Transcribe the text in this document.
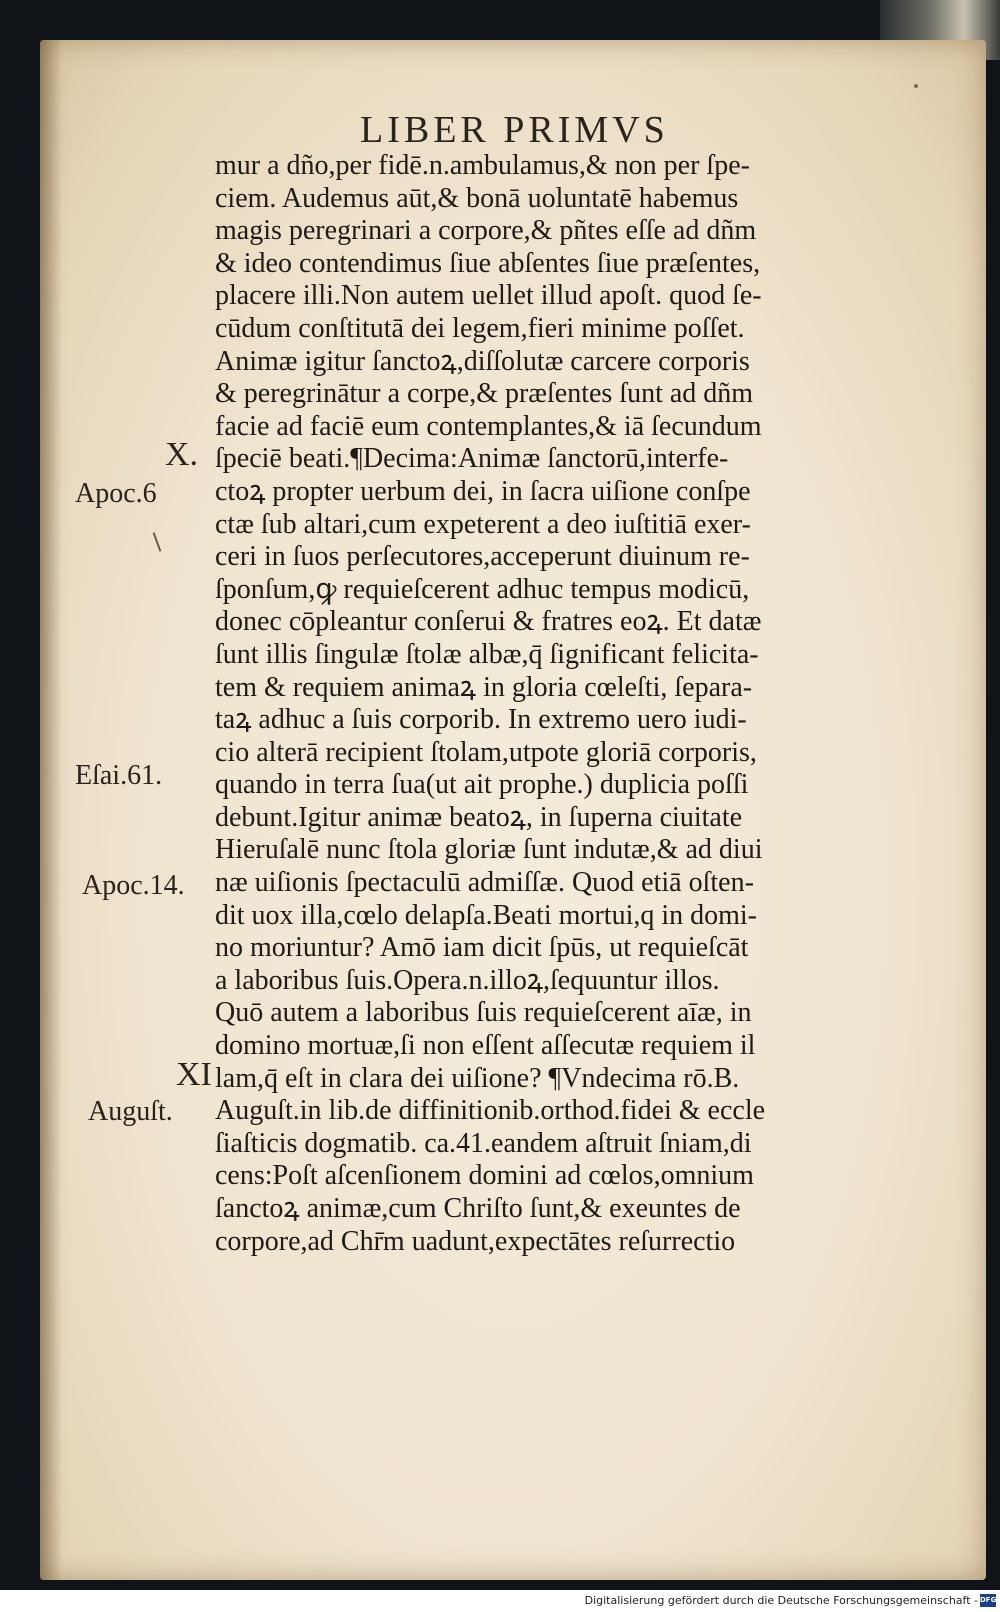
LIBER PRIMVS
mur a dño,per fidē.n.ambulamus,& non per ſpe-
ciem. Audemus aūt,& bonā uoluntatē habemus
magis peregrinari a corpore,& pñtes eſſe ad dñm
& ideo contendimus ſiue abſentes ſiue præſentes,
placere illi.Non autem uellet illud apoſt. quod ſe-
cūdum conſtitutā dei legem,fieri minime poſſet.
Animæ igitur ſanctoꝝ,diſſolutæ carcere corporis
& peregrinātur a corpe,& præſentes ſunt ad dñm
facie ad faciē eum contemplantes,& iā ſecundum
ſpeciē beati.¶Decima:Animæ ſanctorū,interfe-
ctoꝝ propter uerbum dei, in ſacra uiſione conſpe
ctæ ſub altari,cum expeterent a deo iuſtitiā exer-
ceri in ſuos perſecutores,acceperunt diuinum re-
ſponſum,ꝙ requieſcerent adhuc tempus modicū,
donec cōpleantur conſerui & fratres eoꝝ. Et datæ
ſunt illis ſingulæ ſtolæ albæ,q̄ ſignificant felicita-
tem & requiem animaꝝ in gloria cœleſti, ſepara-
taꝝ adhuc a ſuis corporib. In extremo uero iudi-
cio alterā recipient ſtolam,utpote gloriā corporis,
quando in terra ſua(ut ait prophe.) duplicia poſſi
debunt.Igitur animæ beatoꝝ, in ſuperna ciuitate
Hieruſalē nunc ſtola gloriæ ſunt indutæ,& ad diui
næ uiſionis ſpectaculū admiſſæ. Quod etiā oſten-
dit uox illa,cœlo delapſa.Beati mortui,q in domi-
no moriuntur? Amō iam dicit ſpūs, ut requieſcāt
a laboribus ſuis.Opera.n.illoꝝ,ſequuntur illos.
Quō autem a laboribus ſuis requieſcerent aīæ, in
domino mortuæ,ſi non eſſent aſſecutæ requiem il
lam,q̄ eſt in clara dei uiſione? ¶Vndecima rō.B.
Auguſt.in lib.de diffinitionib.orthod.fidei & eccle
ſiaſticis dogmatib. ca.41.eandem aſtruit ſniam,di
cens:Poſt aſcenſionem domini ad cœlos,omnium
ſanctoꝝ animæ,cum Chriſto ſunt,& exeuntes de
corpore,ad Chr̄m uadunt,expectātes reſurrectio
X.
Apoc.6
Eſai.61.
Apoc.14.
XI
Auguſt.
Digitalisierung gefördert durch die Deutsche Forschungsgemeinschaft - DFG
